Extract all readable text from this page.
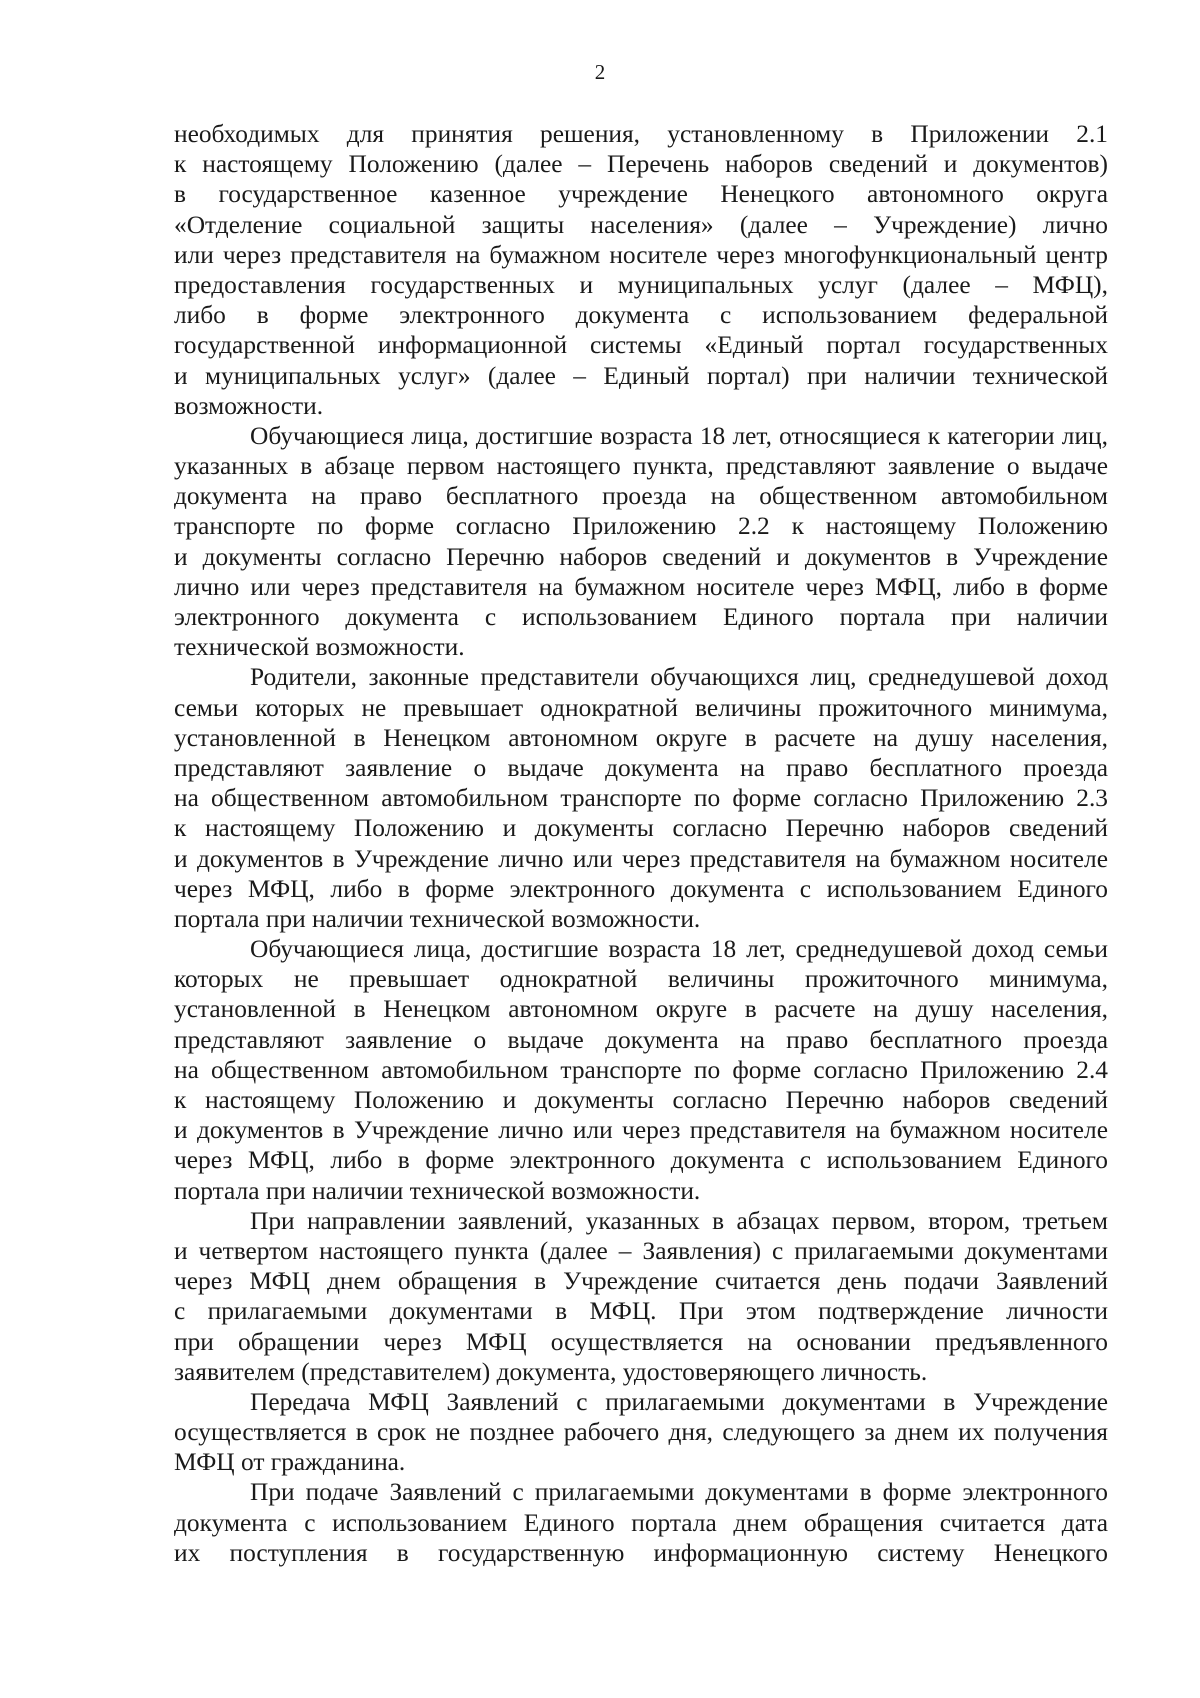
2
необходимых для принятия решения, установленному в Приложении 2.1
к настоящему Положению (далее – Перечень наборов сведений и документов)
в государственное казенное учреждение Ненецкого автономного округа
«Отделение социальной защиты населения» (далее – Учреждение) лично
или через представителя на бумажном носителе через многофункциональный центр
предоставления государственных и муниципальных услуг (далее – МФЦ),
либо в форме электронного документа с использованием федеральной
государственной информационной системы «Единый портал государственных
и муниципальных услуг» (далее – Единый портал) при наличии технической
возможности.
Обучающиеся лица, достигшие возраста 18 лет, относящиеся к категории лиц,
указанных в абзаце первом настоящего пункта, представляют заявление о выдаче
документа на право бесплатного проезда на общественном автомобильном
транспорте по форме согласно Приложению 2.2 к настоящему Положению
и документы согласно Перечню наборов сведений и документов в Учреждение
лично или через представителя на бумажном носителе через МФЦ, либо в форме
электронного документа с использованием Единого портала при наличии
технической возможности.
Родители, законные представители обучающихся лиц, среднедушевой доход
семьи которых не превышает однократной величины прожиточного минимума,
установленной в Ненецком автономном округе в расчете на душу населения,
представляют заявление о выдаче документа на право бесплатного проезда
на общественном автомобильном транспорте по форме согласно Приложению 2.3
к настоящему Положению и документы согласно Перечню наборов сведений
и документов в Учреждение лично или через представителя на бумажном носителе
через МФЦ, либо в форме электронного документа с использованием Единого
портала при наличии технической возможности.
Обучающиеся лица, достигшие возраста 18 лет, среднедушевой доход семьи
которых не превышает однократной величины прожиточного минимума,
установленной в Ненецком автономном округе в расчете на душу населения,
представляют заявление о выдаче документа на право бесплатного проезда
на общественном автомобильном транспорте по форме согласно Приложению 2.4
к настоящему Положению и документы согласно Перечню наборов сведений
и документов в Учреждение лично или через представителя на бумажном носителе
через МФЦ, либо в форме электронного документа с использованием Единого
портала при наличии технической возможности.
При направлении заявлений, указанных в абзацах первом, втором, третьем
и четвертом настоящего пункта (далее – Заявления) с прилагаемыми документами
через МФЦ днем обращения в Учреждение считается день подачи Заявлений
с прилагаемыми документами в МФЦ. При этом подтверждение личности
при обращении через МФЦ осуществляется на основании предъявленного
заявителем (представителем) документа, удостоверяющего личность.
Передача МФЦ Заявлений с прилагаемыми документами в Учреждение
осуществляется в срок не позднее рабочего дня, следующего за днем их получения
МФЦ от гражданина.
При подаче Заявлений с прилагаемыми документами в форме электронного
документа с использованием Единого портала днем обращения считается дата
их поступления в государственную информационную систему Ненецкого
